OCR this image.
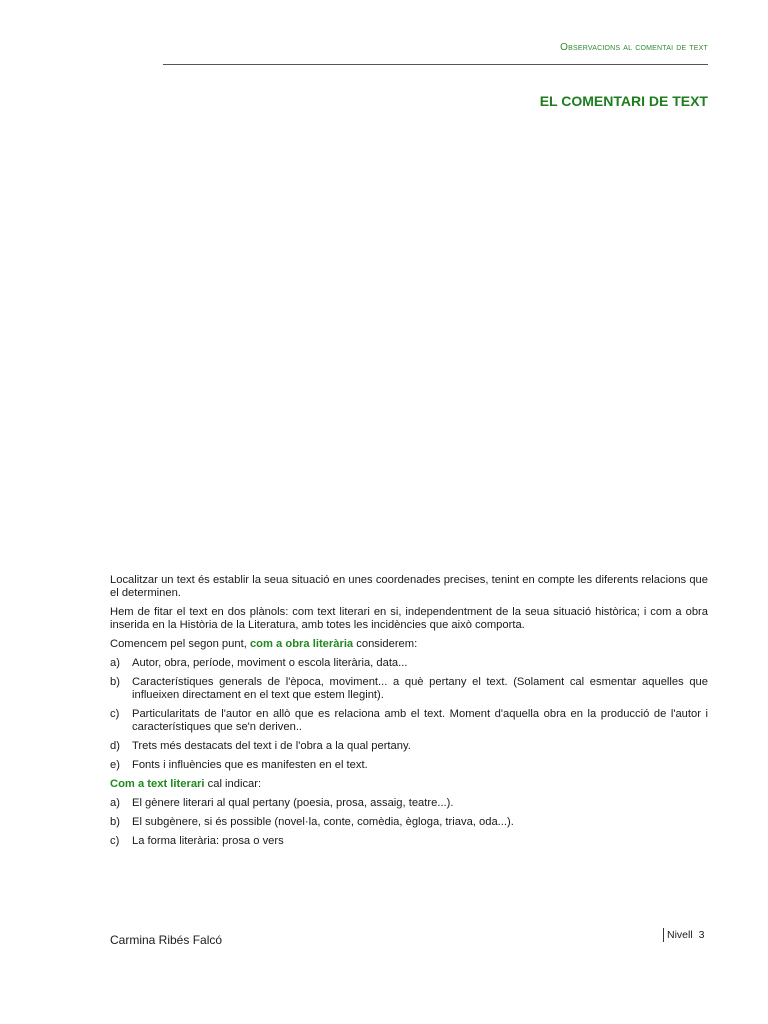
Observacions al comentai de text
EL COMENTARI DE TEXT

Localitzar un text és establir la seua situació en unes coordenades precises, tenint en compte les diferents relacions que el determinen.

Hem de fitar el text en dos plànols: com text literari en si, independentment de la seua situació històrica; i com a obra inserida en la Història de la Literatura, amb totes les incidències que això comporta.

Comencem pel segon punt, com a obra literària considerem:

a)	Autor, obra, període, moviment o escola literària, data...
b)	Característiques generals de l'època, moviment... a què pertany el text. (Solament cal esmentar aquelles que influeixen directament en el text que estem llegint).
c)	Particularitats de l'autor en allò que es relaciona amb el text. Moment d'aquella obra en la producció de l'autor i característiques que se'n deriven..
d)	Trets més destacats del text i de l'obra a la qual pertany.
e)	Fonts i influències que es manifesten en el text.

Com a text literari cal indicar:

a)	El gènere literari al qual pertany (poesia, prosa, assaig, teatre...).
b)	El subgènere, si és possible (novel·la, conte, comèdia, ègloga, triava, oda...).
c)	La forma literària: prosa o vers
Carmina Ribés Falcó	Nivell 3
